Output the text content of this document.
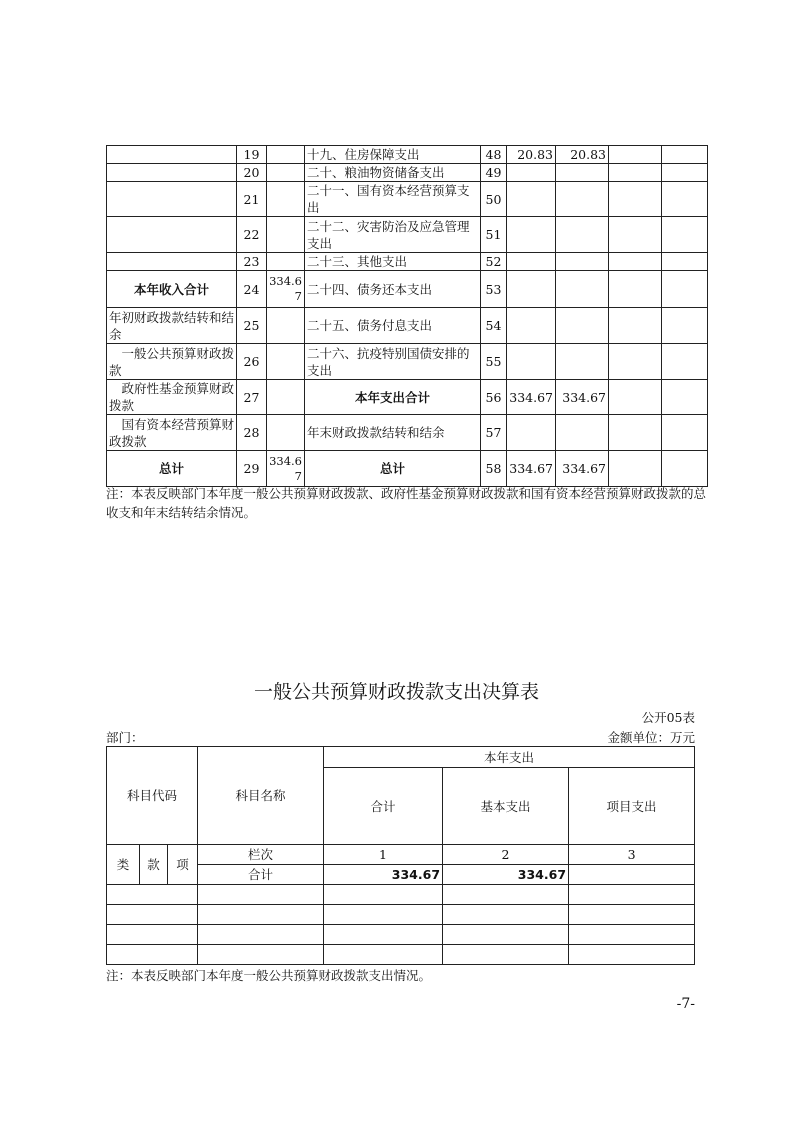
	19		十九、住房保障支出	48	20.83	20.83		
	20		二十、粮油物资储备支出	49				
	21		二十一、国有资本经营预算支出	50				
	22		二十二、灾害防治及应急管理支出	51				
	23		二十三、其他支出	52				
本年收入合计	24	334.67	二十四、债务还本支出	53				
年初财政拨款结转和结余	25		二十五、债务付息支出	54				
一般公共预算财政拨款	26		二十六、抗疫特别国债安排的支出	55				
政府性基金预算财政拨款	27		本年支出合计	56	334.67	334.67		
国有资本经营预算财政拨款	28		年末财政拨款结转和结余	57				
总计	29	334.67	总计	58	334.67	334.67		
注：本表反映部门本年度一般公共预算财政拨款、政府性基金预算财政拨款和国有资本经营预算财政拨款的总收支和年末结转结余情况。
一般公共预算财政拨款支出决算表
公开05表
部门：	金额单位：万元
科目代码			科目名称	本年支出		
				合计	基本支出	项目支出
类	款	项	栏次	1	2	3
			合计	334.67	334.67	

注：本表反映部门本年度一般公共预算财政拨款支出情况。
-7-
